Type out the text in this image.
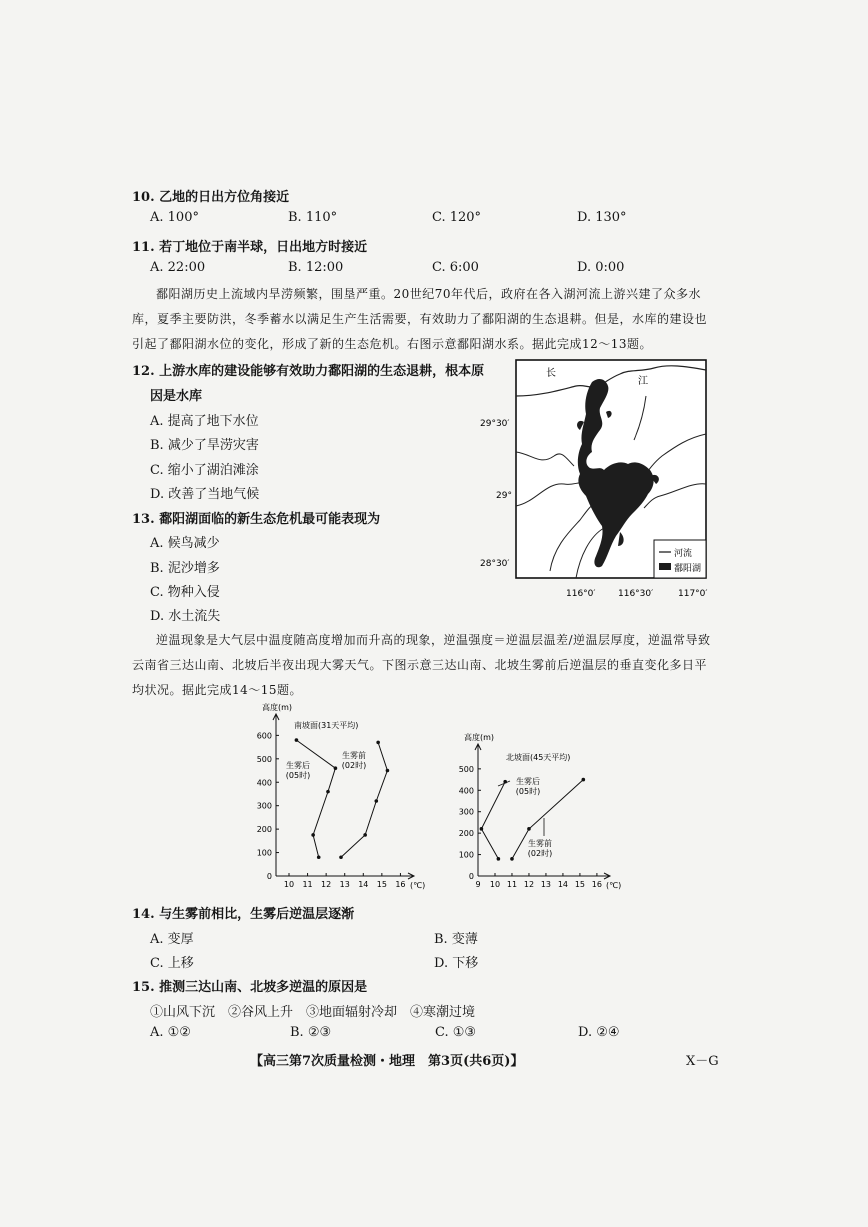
10. 乙地的日出方位角接近
A. 100°	B. 110°	C. 120°	D. 130°
11. 若丁地位于南半球，日出地方时接近
A. 22:00	B. 12:00	C. 6:00	D. 0:00

鄱阳湖历史上流域内旱涝频繁，围垦严重。20世纪70年代后，政府在各入湖河流上游兴建了众多水库，夏季主要防洪，冬季蓄水以满足生产生活需要，有效助力了鄱阳湖的生态退耕。但是，水库的建设也引起了鄱阳湖水位的变化，形成了新的生态危机。右图示意鄱阳湖水系。据此完成12～13题。

12. 上游水库的建设能够有效助力鄱阳湖的生态退耕，根本原
因是水库
A. 提高了地下水位
B. 减少了旱涝灾害
C. 缩小了湖泊滩涂
D. 改善了当地气候
13. 鄱阳湖面临的新生态危机最可能表现为
A. 候鸟减少
B. 泥沙增多
C. 物种入侵
D. 水土流失
长
江
29°30′
29°
28°30′
116°0′	116°30′	117°0′
河流
鄱阳湖

逆温现象是大气层中温度随高度增加而升高的现象，逆温强度＝逆温层温差/逆温层厚度，逆温常导致云南省三达山南、北坡后半夜出现大雾天气。下图示意三达山南、北坡生雾前后逆温层的垂直变化多日平均状况。据此完成14～15题。

0
100
200
300
400
500
600
10 11 12 13 14 15 16
高度(m)
(℃)
南坡面(31天平均)
生雾后
(05时)
生雾前
(02时)
0
100
200
300
400
500
9 10 11 12 13 14 15 16
高度(m)
(℃)
北坡面(45天平均)
生雾后
(05时)
生雾前
(02时)
14. 与生雾前相比，生雾后逆温层逐渐
A. 变厚	B. 变薄
C. 上移	D. 下移
15. 推测三达山南、北坡多逆温的原因是
①山风下沉　②谷风上升　③地面辐射冷却　④寒潮过境
A. ①②	B. ②③	C. ①③	D. ②④
【高三第7次质量检测・地理　第3页(共6页)】	X－G
